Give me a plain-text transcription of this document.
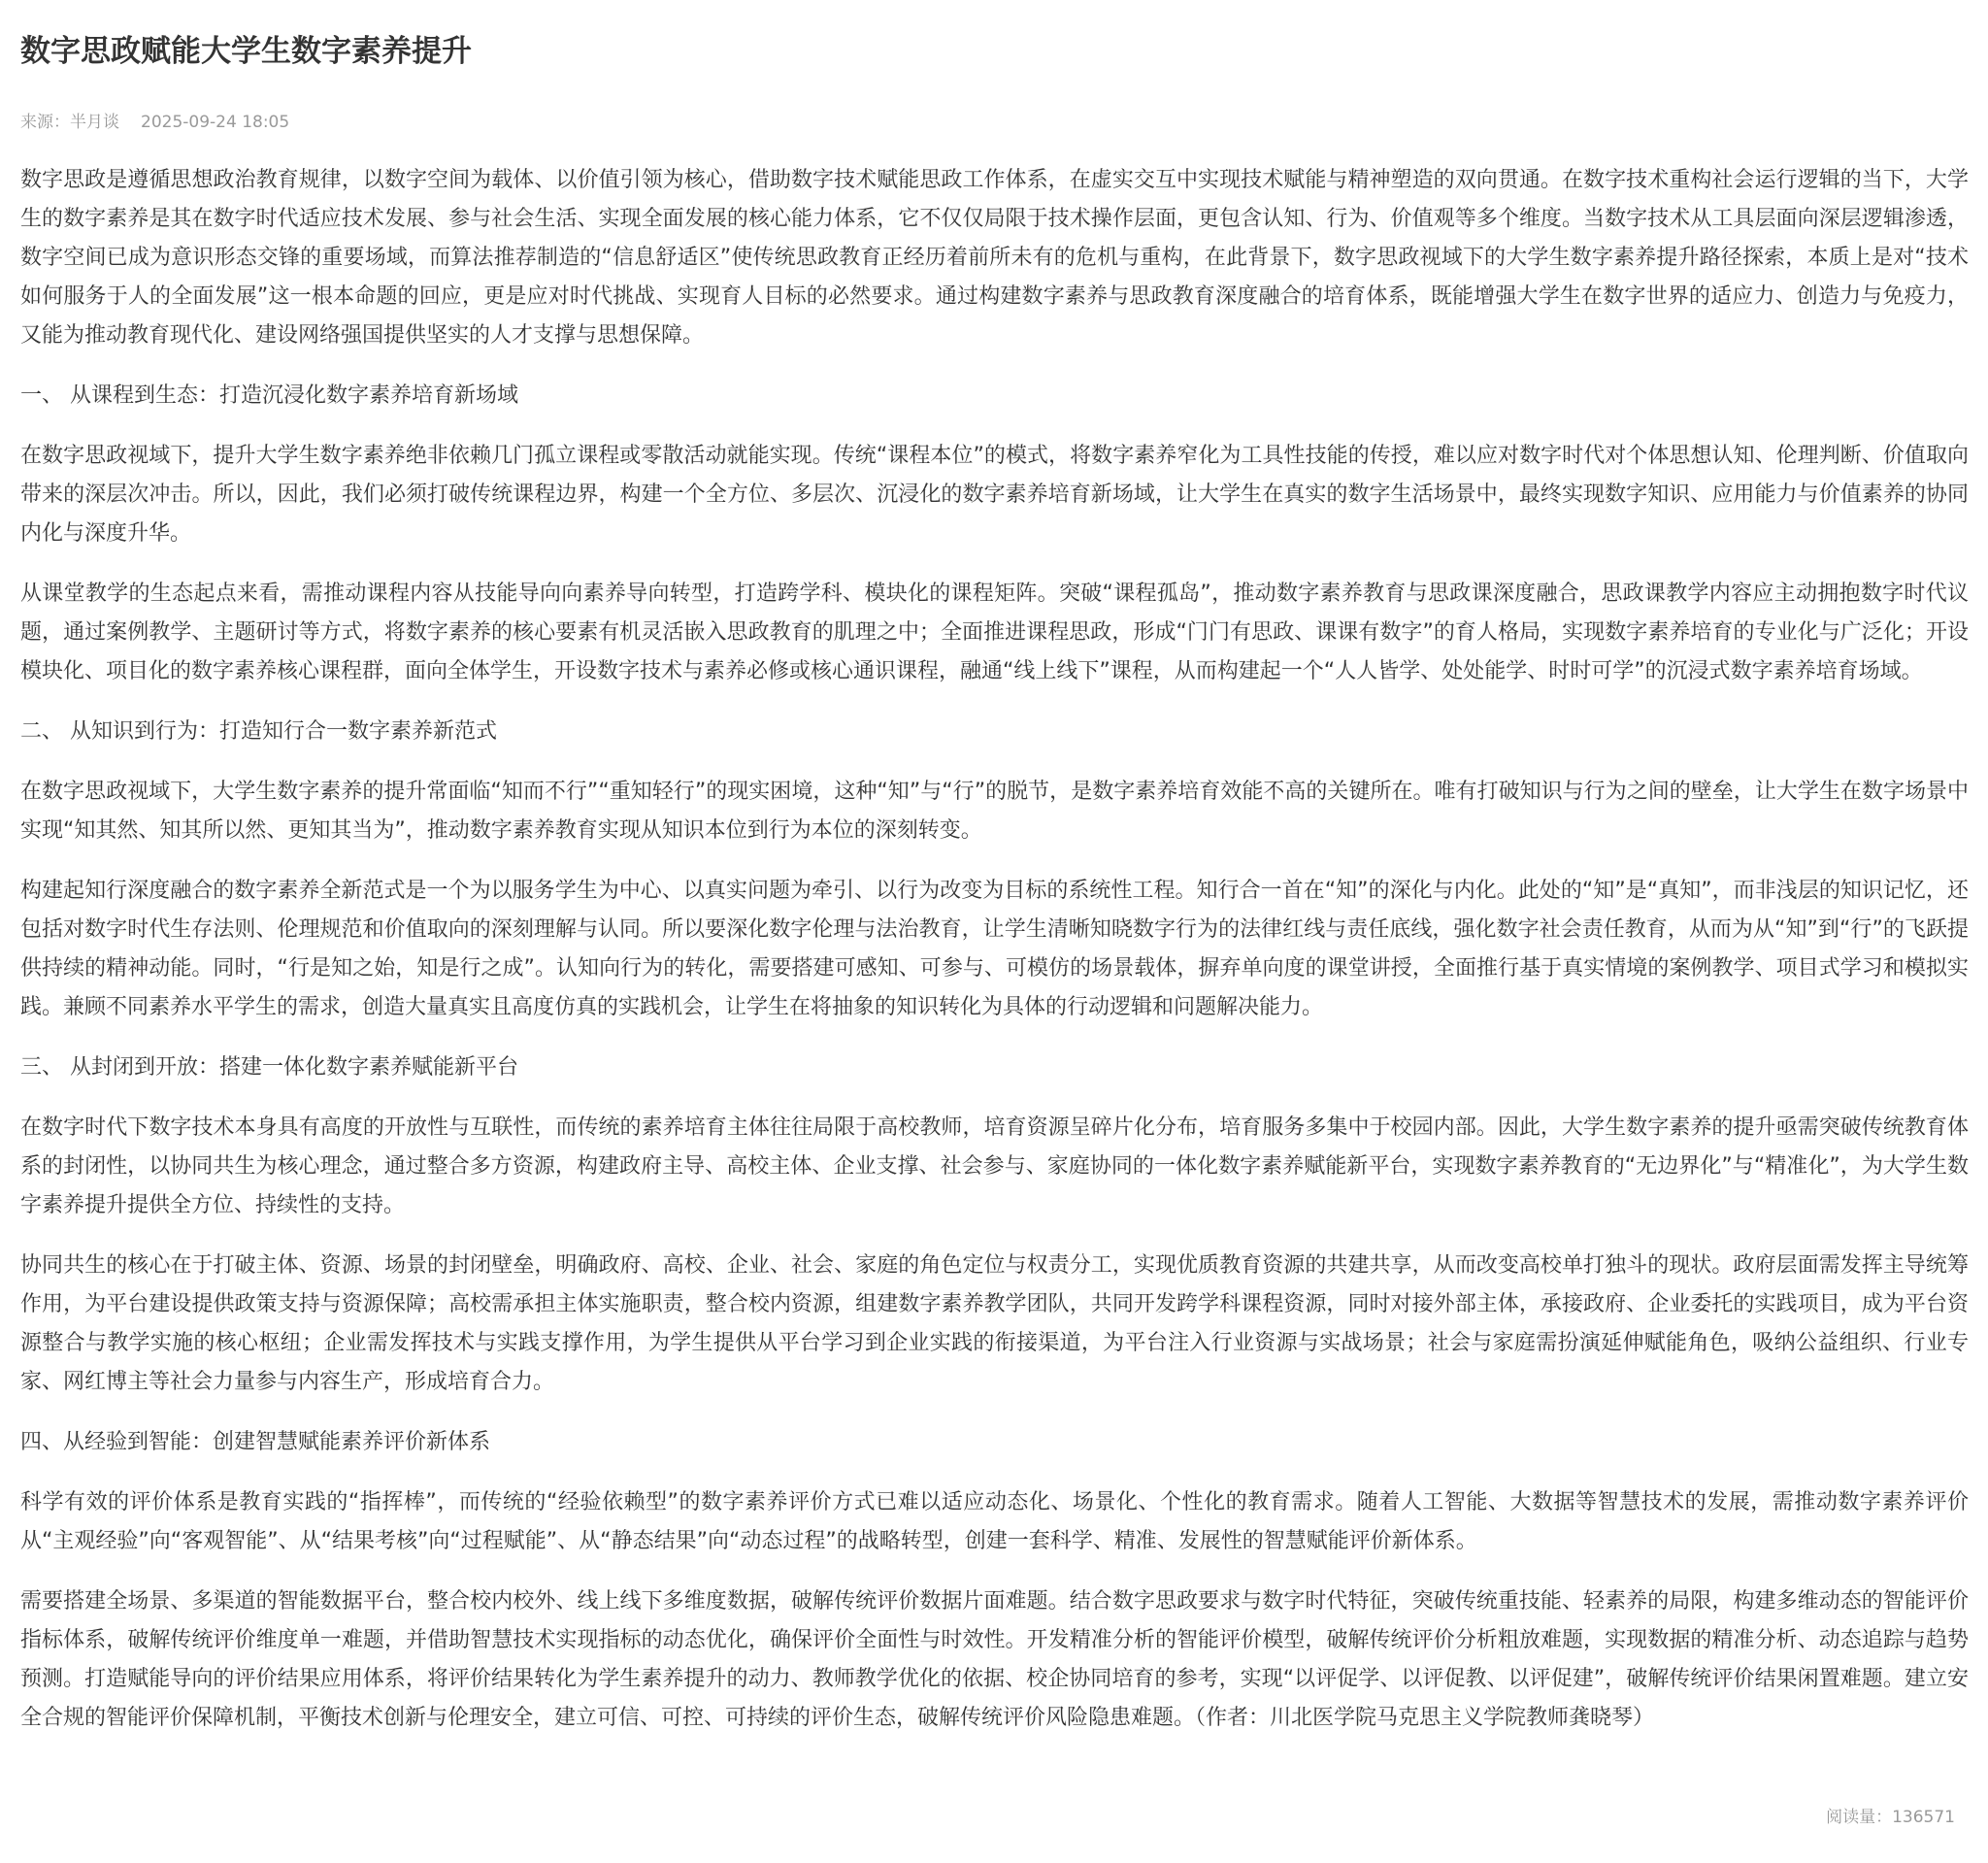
数字思政赋能大学生数字素养提升
来源：半月谈 2025-09-24 18:05

数字思政是遵循思想政治教育规律，以数字空间为载体、以价值引领为核心，借助数字技术赋能思政工作体系，在虚实交互中实现技术赋能与精神塑造的双向贯通。在数字技术重构社会运行逻辑的当下，大学生的数字素养是其在数字时代适应技术发展、参与社会生活、实现全面发展的核心能力体系，它不仅仅局限于技术操作层面，更包含认知、行为、价值观等多个维度。当数字技术从工具层面向深层逻辑渗透，数字空间已成为意识形态交锋的重要场域，而算法推荐制造的“信息舒适区”使传统思政教育正经历着前所未有的危机与重构，在此背景下，数字思政视域下的大学生数字素养提升路径探索，本质上是对“技术如何服务于人的全面发展”这一根本命题的回应，更是应对时代挑战、实现育人目标的必然要求。通过构建数字素养与思政教育深度融合的培育体系，既能增强大学生在数字世界的适应力、创造力与免疫力，又能为推动教育现代化、建设网络强国提供坚实的人才支撑与思想保障。

一、 从课程到生态：打造沉浸化数字素养培育新场域

在数字思政视域下，提升大学生数字素养绝非依赖几门孤立课程或零散活动就能实现。传统“课程本位”的模式，将数字素养窄化为工具性技能的传授，难以应对数字时代对个体思想认知、伦理判断、价值取向带来的深层次冲击。所以，因此，我们必须打破传统课程边界，构建一个全方位、多层次、沉浸化的数字素养培育新场域，让大学生在真实的数字生活场景中，最终实现数字知识、应用能力与价值素养的协同内化与深度升华。

从课堂教学的生态起点来看，需推动课程内容从技能导向向素养导向转型，打造跨学科、模块化的课程矩阵。突破“课程孤岛”，推动数字素养教育与思政课深度融合，思政课教学内容应主动拥抱数字时代议题，通过案例教学、主题研讨等方式，将数字素养的核心要素有机灵活嵌入思政教育的肌理之中；全面推进课程思政，形成“门门有思政、课课有数字”的育人格局，实现数字素养培育的专业化与广泛化；开设模块化、项目化的数字素养核心课程群，面向全体学生，开设数字技术与素养必修或核心通识课程，融通“线上线下”课程，从而构建起一个“人人皆学、处处能学、时时可学”的沉浸式数字素养培育场域。

二、 从知识到行为：打造知行合一数字素养新范式

在数字思政视域下，大学生数字素养的提升常面临“知而不行”“重知轻行”的现实困境，这种“知”与“行”的脱节，是数字素养培育效能不高的关键所在。唯有打破知识与行为之间的壁垒，让大学生在数字场景中实现“知其然、知其所以然、更知其当为”，推动数字素养教育实现从知识本位到行为本位的深刻转变。

构建起知行深度融合的数字素养全新范式是一个为以服务学生为中心、以真实问题为牵引、以行为改变为目标的系统性工程。知行合一首在“知”的深化与内化。此处的“知”是“真知”，而非浅层的知识记忆，还包括对数字时代生存法则、伦理规范和价值取向的深刻理解与认同。所以要深化数字伦理与法治教育，让学生清晰知晓数字行为的法律红线与责任底线，强化数字社会责任教育，从而为从“知”到“行”的飞跃提供持续的精神动能。同时，“行是知之始，知是行之成”。认知向行为的转化，需要搭建可感知、可参与、可模仿的场景载体，摒弃单向度的课堂讲授，全面推行基于真实情境的案例教学、项目式学习和模拟实践。兼顾不同素养水平学生的需求，创造大量真实且高度仿真的实践机会，让学生在将抽象的知识转化为具体的行动逻辑和问题解决能力。

三、 从封闭到开放：搭建一体化数字素养赋能新平台

在数字时代下数字技术本身具有高度的开放性与互联性，而传统的素养培育主体往往局限于高校教师，培育资源呈碎片化分布，培育服务多集中于校园内部。因此，大学生数字素养的提升亟需突破传统教育体系的封闭性，以协同共生为核心理念，通过整合多方资源，构建政府主导、高校主体、企业支撑、社会参与、家庭协同的一体化数字素养赋能新平台，实现数字素养教育的“无边界化”与“精准化”，为大学生数字素养提升提供全方位、持续性的支持。

协同共生的核心在于打破主体、资源、场景的封闭壁垒，明确政府、高校、企业、社会、家庭的角色定位与权责分工，实现优质教育资源的共建共享，从而改变高校单打独斗的现状。政府层面需发挥主导统筹作用，为平台建设提供政策支持与资源保障；高校需承担主体实施职责，整合校内资源，组建数字素养教学团队，共同开发跨学科课程资源，同时对接外部主体，承接政府、企业委托的实践项目，成为平台资源整合与教学实施的核心枢纽；企业需发挥技术与实践支撑作用，为学生提供从平台学习到企业实践的衔接渠道，为平台注入行业资源与实战场景；社会与家庭需扮演延伸赋能角色，吸纳公益组织、行业专家、网红博主等社会力量参与内容生产，形成培育合力。

四、从经验到智能：创建智慧赋能素养评价新体系

科学有效的评价体系是教育实践的“指挥棒”，而传统的“经验依赖型”的数字素养评价方式已难以适应动态化、场景化、个性化的教育需求。随着人工智能、大数据等智慧技术的发展，需推动数字素养评价从“主观经验”向“客观智能”、从“结果考核”向“过程赋能”、从“静态结果”向“动态过程”的战略转型，创建一套科学、精准、发展性的智慧赋能评价新体系。

需要搭建全场景、多渠道的智能数据平台，整合校内校外、线上线下多维度数据，破解传统评价数据片面难题。结合数字思政要求与数字时代特征，突破传统重技能、轻素养的局限，构建多维动态的智能评价指标体系，破解传统评价维度单一难题，并借助智慧技术实现指标的动态优化，确保评价全面性与时效性。开发精准分析的智能评价模型，破解传统评价分析粗放难题，实现数据的精准分析、动态追踪与趋势预测。打造赋能导向的评价结果应用体系，将评价结果转化为学生素养提升的动力、教师教学优化的依据、校企协同培育的参考，实现“以评促学、以评促教、以评促建”，破解传统评价结果闲置难题。建立安全合规的智能评价保障机制，平衡技术创新与伦理安全，建立可信、可控、可持续的评价生态，破解传统评价风险隐患难题。（作者：川北医学院马克思主义学院教师龚晓琴）

阅读量：136571
